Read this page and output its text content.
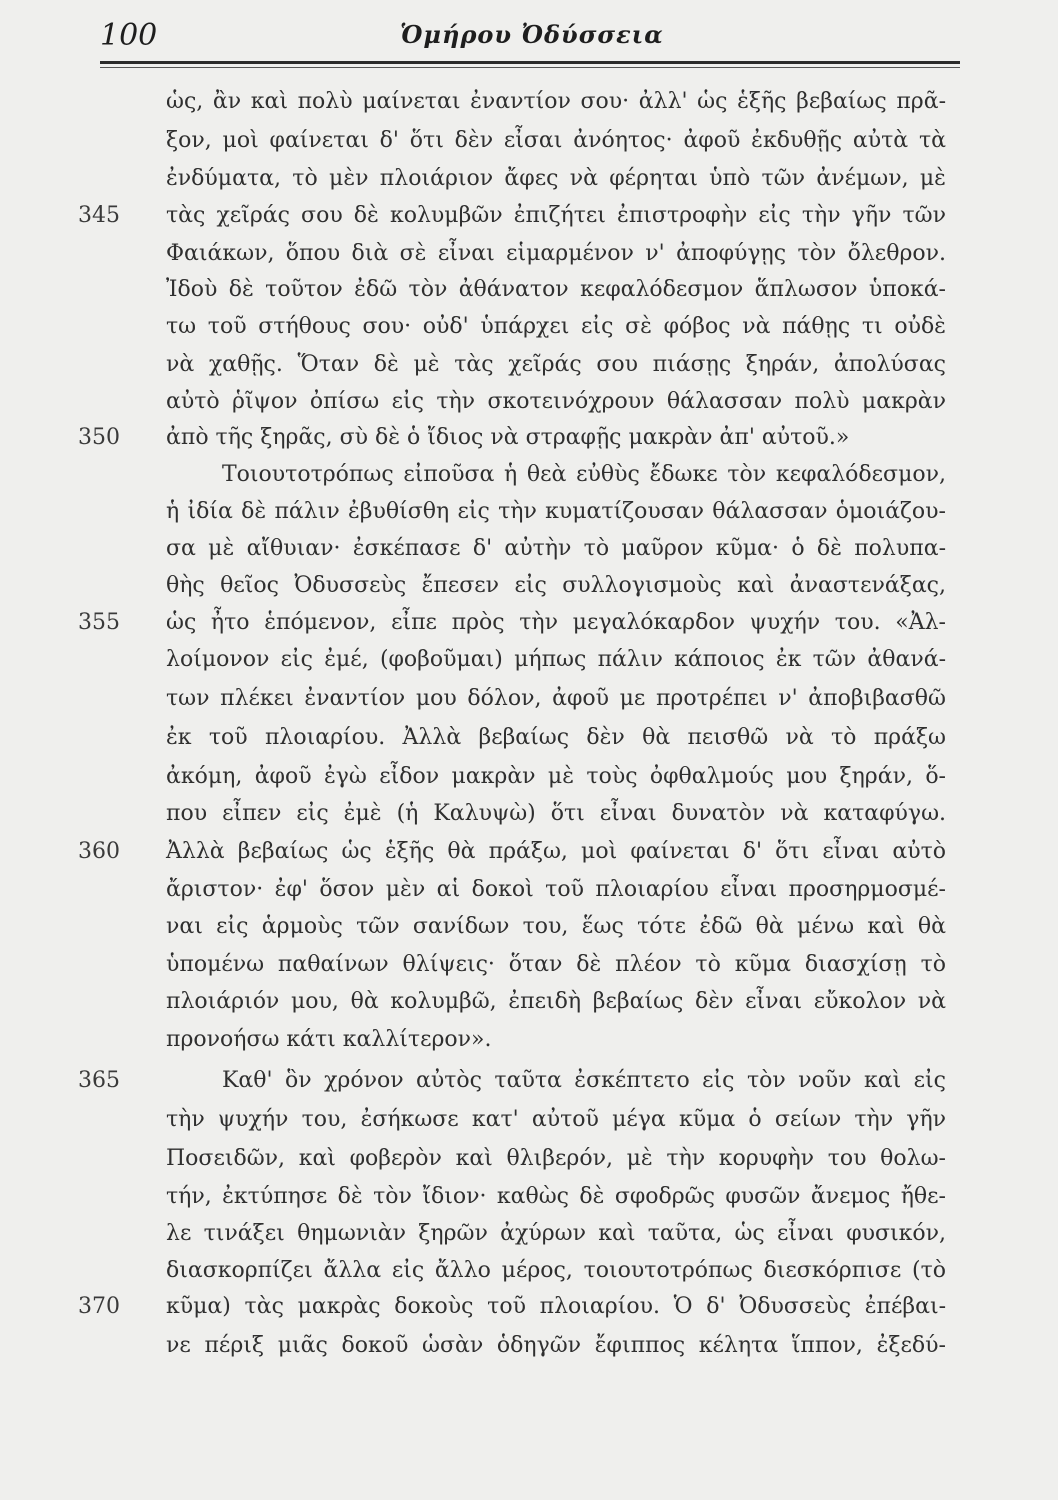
100	Ὁμήρου Ὀδύσσεια
345
350
355
360
365
370
ὡς, ἂν καὶ πολὺ μαίνεται ἐναντίον σου· ἀλλ' ὡς ἑξῆς βεβαίως πρᾶ-
ξον, μοὶ φαίνεται δ' ὅτι δὲν εἶσαι ἀνόητος· ἀφοῦ ἐκδυθῇς αὐτὰ τὰ
ἐνδύματα, τὸ μὲν πλοιάριον ἄφες νὰ φέρηται ὑπὸ τῶν ἀνέμων, μὲ
τὰς χεῖράς σου δὲ κολυμβῶν ἐπιζήτει ἐπιστροφὴν εἰς τὴν γῆν τῶν
Φαιάκων, ὅπου διὰ σὲ εἶναι εἱμαρμένον ν' ἀποφύγῃς τὸν ὄλεθρον.
Ἰδοὺ δὲ τοῦτον ἐδῶ τὸν ἀθάνατον κεφαλόδεσμον ἅπλωσον ὑποκά-
τω τοῦ στήθους σου· οὐδ' ὑπάρχει εἰς σὲ φόβος νὰ πάθῃς τι οὐδὲ
νὰ χαθῇς. Ὅταν δὲ μὲ τὰς χεῖράς σου πιάσῃς ξηράν, ἀπολύσας
αὐτὸ ῥῖψον ὀπίσω εἰς τὴν σκοτεινόχρουν θάλασσαν πολὺ μακρὰν
ἀπὸ τῆς ξηρᾶς, σὺ δὲ ὁ ἴδιος νὰ στραφῇς μακρὰν ἀπ' αὐτοῦ.»
Τοιουτοτρόπως εἰποῦσα ἡ θεὰ εὐθὺς ἔδωκε τὸν κεφαλόδεσμον,
ἡ ἰδία δὲ πάλιν ἐβυθίσθη εἰς τὴν κυματίζουσαν θάλασσαν ὁμοιάζου-
σα μὲ αἴθυιαν· ἐσκέπασε δ' αὐτὴν τὸ μαῦρον κῦμα· ὁ δὲ πολυπα-
θὴς θεῖος Ὀδυσσεὺς ἔπεσεν εἰς συλλογισμοὺς καὶ ἀναστενάξας,
ὡς ἦτο ἑπόμενον, εἶπε πρὸς τὴν μεγαλόκαρδον ψυχήν του. «Ἀλ-
λοίμονον εἰς ἐμέ, (φοβοῦμαι) μήπως πάλιν κάποιος ἐκ τῶν ἀθανά-
των πλέκει ἐναντίον μου δόλον, ἀφοῦ με προτρέπει ν' ἀποβιβασθῶ
ἐκ τοῦ πλοιαρίου. Ἀλλὰ βεβαίως δὲν θὰ πεισθῶ νὰ τὸ πράξω
ἀκόμη, ἀφοῦ ἐγὼ εἶδον μακρὰν μὲ τοὺς ὀφθαλμούς μου ξηράν, ὅ-
που εἶπεν εἰς ἐμὲ (ἡ Καλυψὼ) ὅτι εἶναι δυνατὸν νὰ καταφύγω.
Ἀλλὰ βεβαίως ὡς ἑξῆς θὰ πράξω, μοὶ φαίνεται δ' ὅτι εἶναι αὐτὸ
ἄριστον· ἐφ' ὅσον μὲν αἱ δοκοὶ τοῦ πλοιαρίου εἶναι προσηρμοσμέ-
ναι εἰς ἁρμοὺς τῶν σανίδων του, ἕως τότε ἐδῶ θὰ μένω καὶ θὰ
ὑπομένω παθαίνων θλίψεις· ὅταν δὲ πλέον τὸ κῦμα διασχίσῃ τὸ
πλοιάριόν μου, θὰ κολυμβῶ, ἐπειδὴ βεβαίως δὲν εἶναι εὔκολον νὰ
προνοήσω κάτι καλλίτερον».
Καθ' ὃν χρόνον αὐτὸς ταῦτα ἐσκέπτετο εἰς τὸν νοῦν καὶ εἰς
τὴν ψυχήν του, ἐσήκωσε κατ' αὐτοῦ μέγα κῦμα ὁ σείων τὴν γῆν
Ποσειδῶν, καὶ φοβερὸν καὶ θλιβερόν, μὲ τὴν κορυφὴν του θολω-
τήν, ἐκτύπησε δὲ τὸν ἴδιον· καθὼς δὲ σφοδρῶς φυσῶν ἄνεμος ἤθε-
λε τινάξει θημωνιὰν ξηρῶν ἀχύρων καὶ ταῦτα, ὡς εἶναι φυσικόν,
διασκορπίζει ἄλλα εἰς ἄλλο μέρος, τοιουτοτρόπως διεσκόρπισε (τὸ
κῦμα) τὰς μακρὰς δοκοὺς τοῦ πλοιαρίου. Ὁ δ' Ὀδυσσεὺς ἐπέβαι-
νε πέριξ μιᾶς δοκοῦ ὡσὰν ὁδηγῶν ἔφιππος κέλητα ἵππον, ἐξεδύ-
